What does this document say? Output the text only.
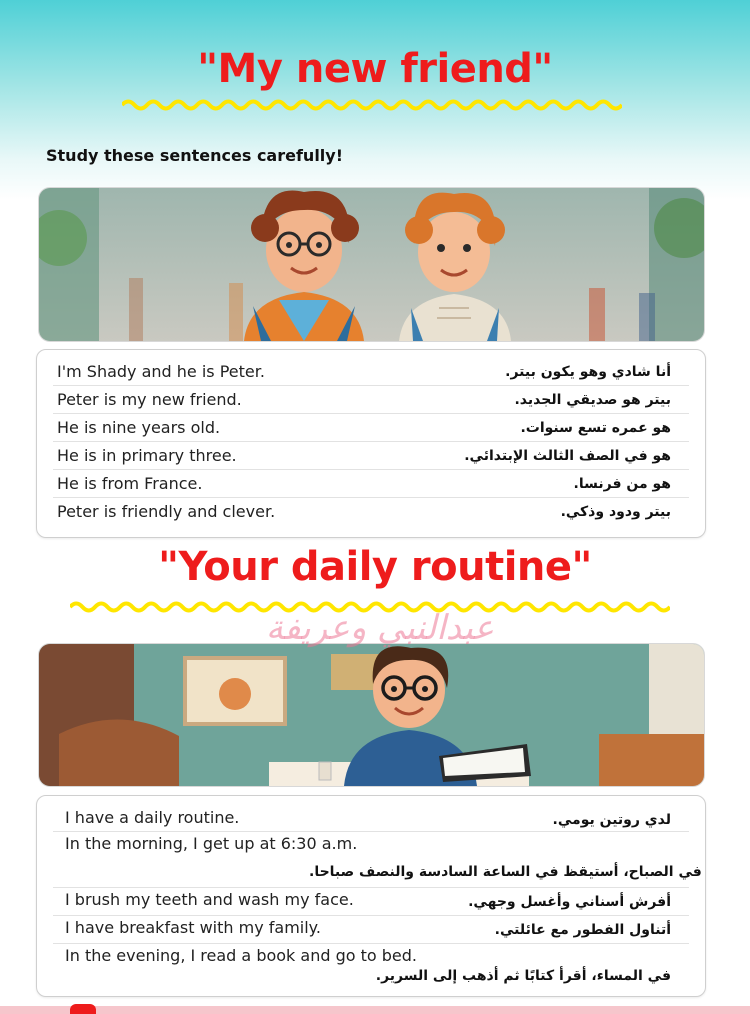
"My new friend"

Study these sentences carefully!

I'm Shady and he is Peter.	أنا شادي وهو يكون بيتر.
Peter is my new friend.	بيتر هو صديقي الجديد.
He is nine years old.	هو عمره تسع سنوات.
He is in primary three.	هو في الصف الثالث الإبتدائي.
He is from France.	هو من فرنسا.
Peter is friendly and clever.	بيتر ودود وذكي.
"Your daily routine"

عبدالنبي وعريفة

I have a daily routine.	لدي روتين يومي.
In the morning, I get up at 6:30 a.m.
في الصباح، أستيقظ في الساعة السادسة والنصف صباحا.
I brush my teeth and wash my face.	أفرش أسناني وأغسل وجهي.
I have breakfast with my family.	أتناول الفطور مع عائلتي.
In the evening, I read a book and go to bed.
في المساء، أقرأ كتابًا ثم أذهب إلى السرير.
